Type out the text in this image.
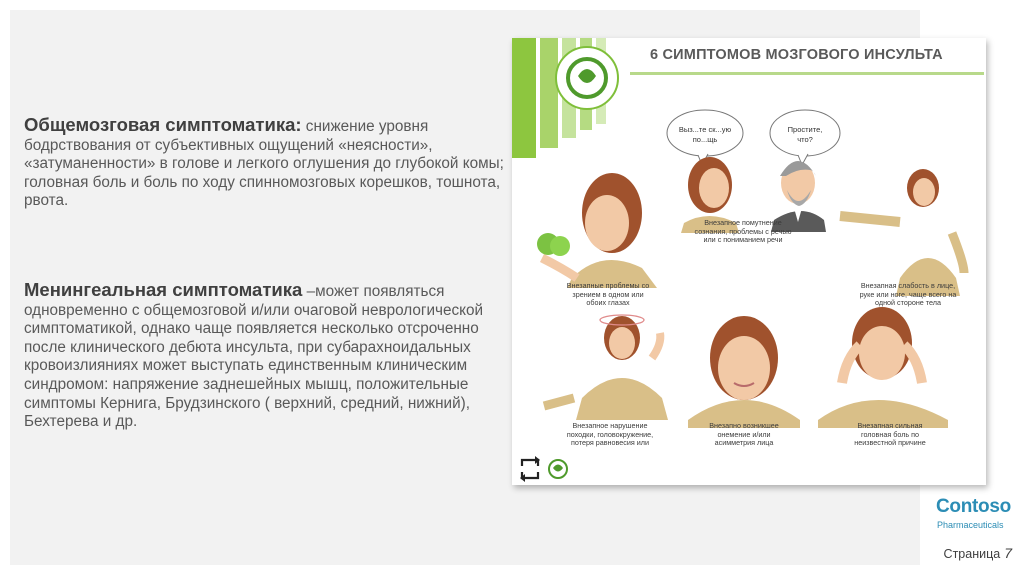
Общемозговая симптоматика: снижение уровня бодрствования от субъективных ощущений «неясности», «затуманенности» в голове и легкого оглушения до глубокой комы; головная боль и боль по ходу спинномозговых корешков, тошнота, рвота.
Менингеальная симптоматика –может появляться одновременно с общемозговой и/или очаговой неврологической симптоматикой, однако чаще появляется несколько отсроченно после клинического дебюта инсульта, при субарахноидальных кровоизлияниях может выступать единственным клиническим синдромом: напряжение заднешейных мышц, положительные симптомы Кернига, Брудзинского ( верхний, средний, нижний), Бехтерева и др.
Выз...те ск...ую
по...щь
Простите,
что?
6 СИМПТОМОВ МОЗГОВОГО ИНСУЛЬТА
Внезапное помутнение
сознания, проблемы с речью
или с пониманием речи
Внезапные проблемы со
зрением в одном или
обоих глазах
Внезапная слабость в лице,
руке или ноге, чаще всего на
одной стороне тела
Внезапное нарушение
походки, головокружение,
потеря равновесия или
Внезапно возникшее
онемение и/или
асимметрия лица
Внезапная сильная
головная боль по
неизвестной причине
Contoso
Pharmaceuticals
Страница 7
